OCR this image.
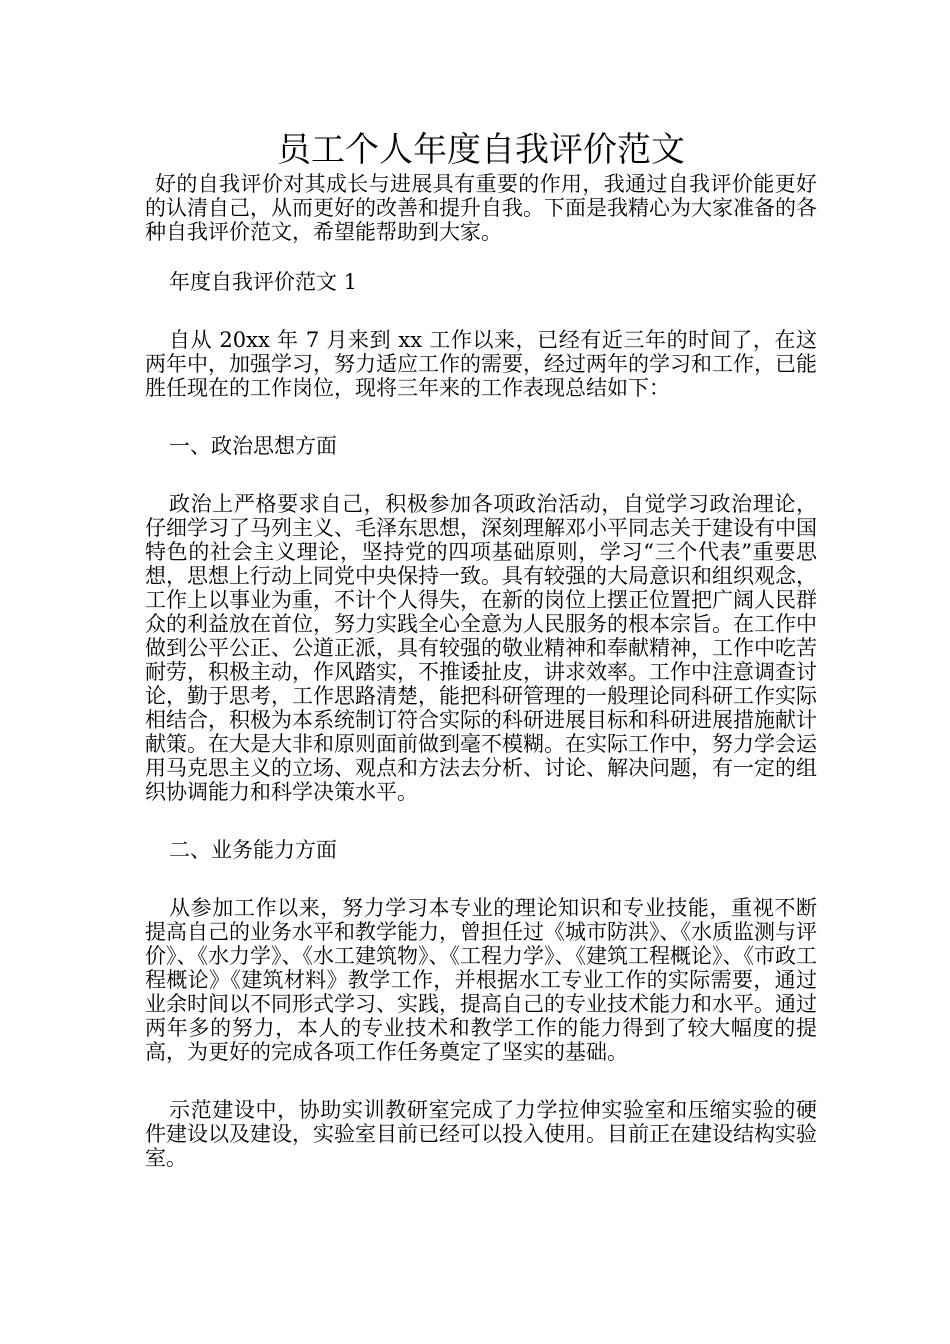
员工个人年度自我评价范文

好的自我评价对其成长与进展具有重要的作用，我通过自我评价能更好的认清自己，从而更好的改善和提升自我。下面是我精心为大家准备的各种自我评价范文，希望能帮助到大家。

年度自我评价范文 1

自从 20xx 年 7 月来到 xx 工作以来，已经有近三年的时间了，在这两年中，加强学习，努力适应工作的需要，经过两年的学习和工作，已能胜任现在的工作岗位，现将三年来的工作表现总结如下：

一、政治思想方面

政治上严格要求自己，积极参加各项政治活动，自觉学习政治理论，仔细学习了马列主义、毛泽东思想，深刻理解邓小平同志关于建设有中国特色的社会主义理论，坚持党的四项基础原则，学习“三个代表”重要思想，思想上行动上同党中央保持一致。具有较强的大局意识和组织观念，工作上以事业为重，不计个人得失，在新的岗位上摆正位置把广阔人民群众的利益放在首位，努力实践全心全意为人民服务的根本宗旨。在工作中做到公平公正、公道正派，具有较强的敬业精神和奉献精神，工作中吃苦耐劳，积极主动，作风踏实，不推诿扯皮，讲求效率。工作中注意调查讨论，勤于思考，工作思路清楚，能把科研管理的一般理论同科研工作实际相结合，积极为本系统制订符合实际的科研进展目标和科研进展措施献计献策。在大是大非和原则面前做到毫不模糊。在实际工作中，努力学会运用马克思主义的立场、观点和方法去分析、讨论、解决问题，有一定的组织协调能力和科学决策水平。

二、业务能力方面

从参加工作以来，努力学习本专业的理论知识和专业技能，重视不断提高自己的业务水平和教学能力，曾担任过《城市防洪》、《水质监测与评价》、《水力学》、《水工建筑物》、《工程力学》、《建筑工程概论》、《市政工程概论》《建筑材料》教学工作，并根据水工专业工作的实际需要，通过业余时间以不同形式学习、实践，提高自己的专业技术能力和水平。通过两年多的努力，本人的专业技术和教学工作的能力得到了较大幅度的提高，为更好的完成各项工作任务奠定了坚实的基础。

示范建设中，协助实训教研室完成了力学拉伸实验室和压缩实验的硬件建设以及建设，实验室目前已经可以投入使用。目前正在建设结构实验室。
